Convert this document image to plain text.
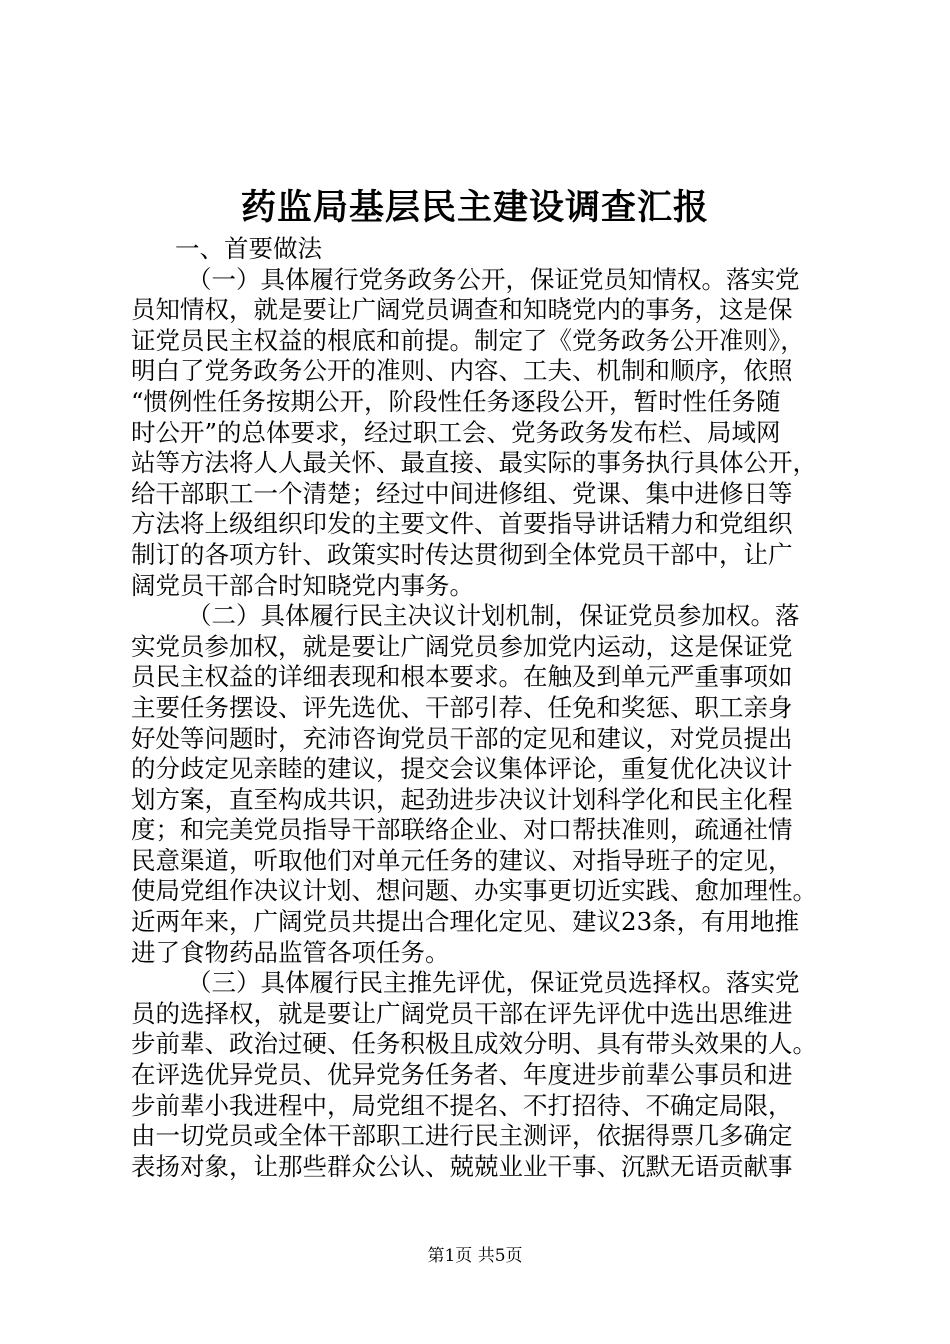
药监局基层民主建设调查汇报
一、首要做法
（一）具体履行党务政务公开，保证党员知情权。落实党
员知情权，就是要让广阔党员调查和知晓党内的事务，这是保
证党员民主权益的根底和前提。制定了《党务政务公开准则》，
明白了党务政务公开的准则、内容、工夫、机制和顺序，依照
“惯例性任务按期公开，阶段性任务逐段公开，暂时性任务随
时公开”的总体要求，经过职工会、党务政务发布栏、局域网
站等方法将人人最关怀、最直接、最实际的事务执行具体公开，
给干部职工一个清楚；经过中间进修组、党课、集中进修日等
方法将上级组织印发的主要文件、首要指导讲话精力和党组织
制订的各项方针、政策实时传达贯彻到全体党员干部中，让广
阔党员干部合时知晓党内事务。
（二）具体履行民主决议计划机制，保证党员参加权。落
实党员参加权，就是要让广阔党员参加党内运动，这是保证党
员民主权益的详细表现和根本要求。在触及到单元严重事项如
主要任务摆设、评先选优、干部引荐、任免和奖惩、职工亲身
好处等问题时，充沛咨询党员干部的定见和建议，对党员提出
的分歧定见亲睦的建议，提交会议集体评论，重复优化决议计
划方案，直至构成共识，起劲进步决议计划科学化和民主化程
度；和完美党员指导干部联络企业、对口帮扶准则，疏通社情
民意渠道，听取他们对单元任务的建议、对指导班子的定见，
使局党组作决议计划、想问题、办实事更切近实践、愈加理性。
近两年来，广阔党员共提出合理化定见、建议23条，有用地推
进了食物药品监管各项任务。
（三）具体履行民主推先评优，保证党员选择权。落实党
员的选择权，就是要让广阔党员干部在评先评优中选出思维进
步前辈、政治过硬、任务积极且成效分明、具有带头效果的人。
在评选优异党员、优异党务任务者、年度进步前辈公事员和进
步前辈小我进程中，局党组不提名、不打招待、不确定局限，
由一切党员或全体干部职工进行民主测评，依据得票几多确定
表扬对象，让那些群众公认、兢兢业业干事、沉默无语贡献事
第1页 共5页
